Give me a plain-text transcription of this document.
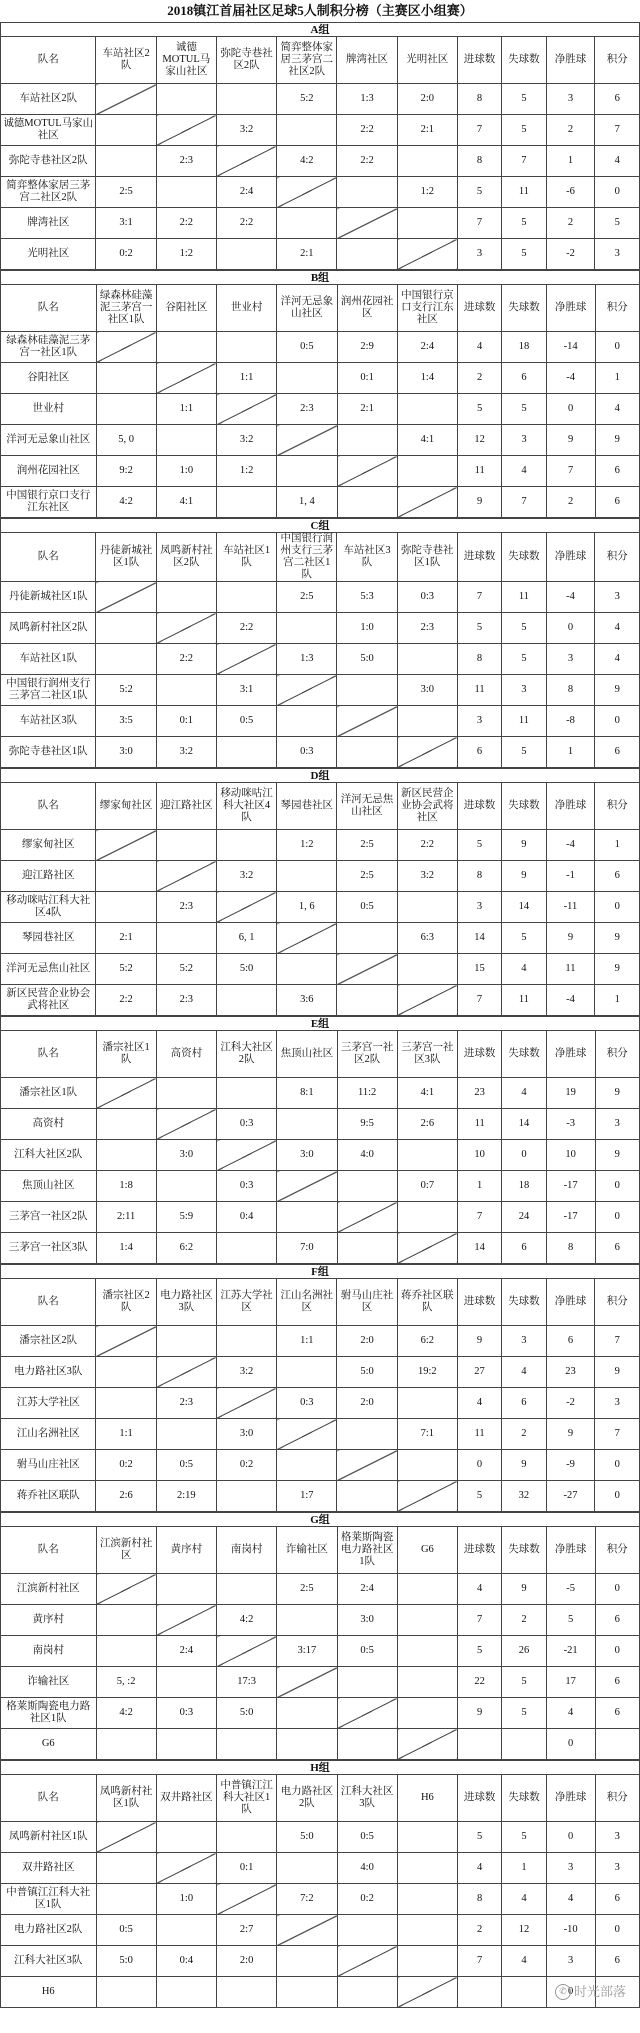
2018镇江首届社区足球5人制积分榜（主赛区小组赛）
A组										
队名	车站社区2队	诚德MOTUL马家山社区	弥陀寺巷社区2队	简弈整体家居三茅宫二社区2队	牌湾社区	光明社区	进球数	失球数	净胜球	积分
车站社区2队				5:2	1:3	2:0	8	5	3	6
诚德MOTUL马家山社区			3:2		2:2	2:1	7	5	2	7
弥陀寺巷社区2队		2:3		4:2	2:2		8	7	1	4
简弈整体家居三茅宫二社区2队	2:5		2:4			1:2	5	11	-6	0
牌湾社区	3:1	2:2	2:2				7	5	2	5
光明社区	0:2	1:2		2:1			3	5	-2	3
B组										
队名	绿森林硅藻泥三茅宫一社区1队	谷阳社区	世业村	洋河无忌象山社区	润州花园社区	中国银行京口支行江东社区	进球数	失球数	净胜球	积分
绿森林硅藻泥三茅宫一社区1队				0:5	2:9	2:4	4	18	-14	0
谷阳社区			1:1		0:1	1:4	2	6	-4	1
世业村		1:1		2:3	2:1		5	5	0	4
洋河无忌象山社区	5, 0		3:2			4:1	12	3	9	9
润州花园社区	9:2	1:0	1:2				11	4	7	6
中国银行京口支行江东社区	4:2	4:1		1, 4			9	7	2	6
C组										
队名	丹徒新城社区1队	凤鸣新村社区2队	车站社区1队	中国银行润州支行三茅宫二社区1队	车站社区3队	弥陀寺巷社区1队	进球数	失球数	净胜球	积分
丹徒新城社区1队				2:5	5:3	0:3	7	11	-4	3
凤鸣新村社区2队			2:2		1:0	2:3	5	5	0	4
车站社区1队		2:2		1:3	5:0		8	5	3	4
中国银行润州支行三茅宫二社区1队	5:2		3:1			3:0	11	3	8	9
车站社区3队	3:5	0:1	0:5				3	11	-8	0
弥陀寺巷社区1队	3:0	3:2		0:3			6	5	1	6
D组										
队名	缪家甸社区	迎江路社区	移动咪咕江科大社区4队	琴园巷社区	洋河无忌焦山社区	新区民营企业协会武将社区	进球数	失球数	净胜球	积分
缪家甸社区				1:2	2:5	2:2	5	9	-4	1
迎江路社区			3:2		2:5	3:2	8	9	-1	6
移动咪咕江科大社区4队		2:3		1, 6	0:5		3	14	-11	0
琴园巷社区	2:1		6, 1			6:3	14	5	9	9
洋河无忌焦山社区	5:2	5:2	5:0				15	4	11	9
新区民营企业协会武将社区	2:2	2:3		3:6			7	11	-4	1
E组										
队名	潘宗社区1队	高资村	江科大社区2队	焦顶山社区	三茅宫一社区2队	三茅宫一社区3队	进球数	失球数	净胜球	积分
潘宗社区1队				8:1	11:2	4:1	23	4	19	9
高资村			0:3		9:5	2:6	11	14	-3	3
江科大社区2队		3:0		3:0	4:0		10	0	10	9
焦顶山社区	1:8		0:3			0:7	1	18	-17	0
三茅宫一社区2队	2:11	5:9	0:4				7	24	-17	0
三茅宫一社区3队	1:4	6:2		7:0			14	6	8	6
F组										
队名	潘宗社区2队	电力路社区3队	江苏大学社区	江山名洲社区	驸马山庄社区	蒋乔社区联队	进球数	失球数	净胜球	积分
潘宗社区2队				1:1	2:0	6:2	9	3	6	7
电力路社区3队			3:2		5:0	19:2	27	4	23	9
江苏大学社区		2:3		0:3	2:0		4	6	-2	3
江山名洲社区	1:1		3:0			7:1	11	2	9	7
驸马山庄社区	0:2	0:5	0:2				0	9	-9	0
蒋乔社区联队	2:6	2:19		1:7			5	32	-27	0
G组										
队名	江滨新村社区	黄序村	南岗村	诈输社区	格莱斯陶瓷电力路社区1队	G6	进球数	失球数	净胜球	积分
江滨新村社区				2:5	2:4		4	9	-5	0
黄序村			4:2		3:0		7	2	5	6
南岗村		2:4		3:17	0:5		5	26	-21	0
诈输社区	5, :2		17:3				22	5	17	6
格莱斯陶瓷电力路社区1队	4:2	0:3	5:0				9	5	4	6
G6									0	
H组										
队名	凤鸣新村社区1队	双井路社区	中普镇江江科大社区1队	电力路社区2队	江科大社区3队	H6	进球数	失球数	净胜球	积分
凤鸣新村社区1队				5:0	0:5		5	5	0	3
双井路社区			0:1		4:0		4	1	3	3
中普镇江江科大社区1队		1:0		7:2	0:2		8	4	4	6
电力路社区2队	0:5		2:7				2	12	-10	0
江科大社区3队	5:0	0:4	2:0				7	4	3	6
H6									0	
✆ 时光部落
